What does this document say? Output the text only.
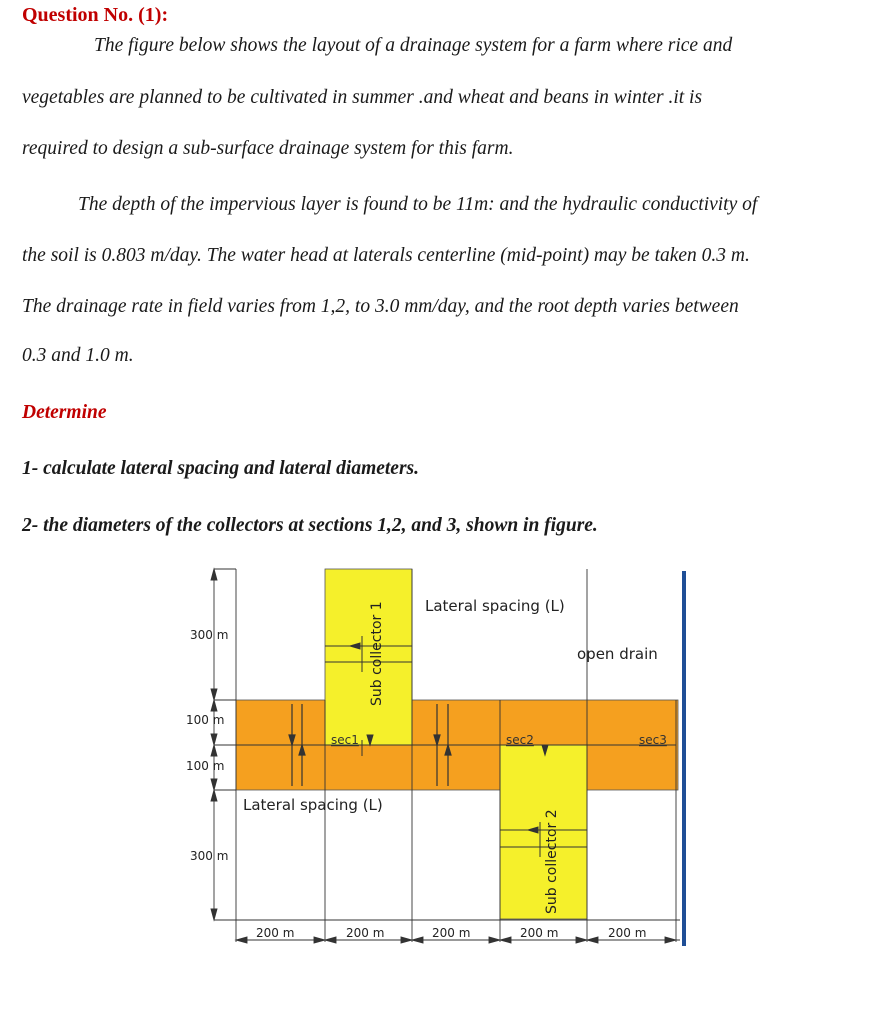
Question No. (1):
The figure below shows the layout of a drainage system for a farm where rice and
vegetables are planned to be cultivated in summer .and wheat and beans in winter .it is
required to design a sub-surface drainage system for this farm.
The depth of the impervious layer is found to be 11m: and the hydraulic conductivity of
the soil is 0.803 m/day. The water head at laterals centerline (mid-point) may be taken 0.3 m.
The drainage rate in field varies from 1,2, to 3.0 mm/day, and the root depth varies between
0.3 and 1.0 m.
Determine
1- calculate lateral spacing and lateral diameters.
2- the diameters of the collectors at sections 1,2, and 3, shown in figure.
Lateral spacing (L)
open drain
Lateral spacing (L)
sec1	sec2	sec3
Sub collector 1
Sub collector 2
300 m
100 m
100 m
300 m
200 m	200 m	200 m	200 m	200 m
